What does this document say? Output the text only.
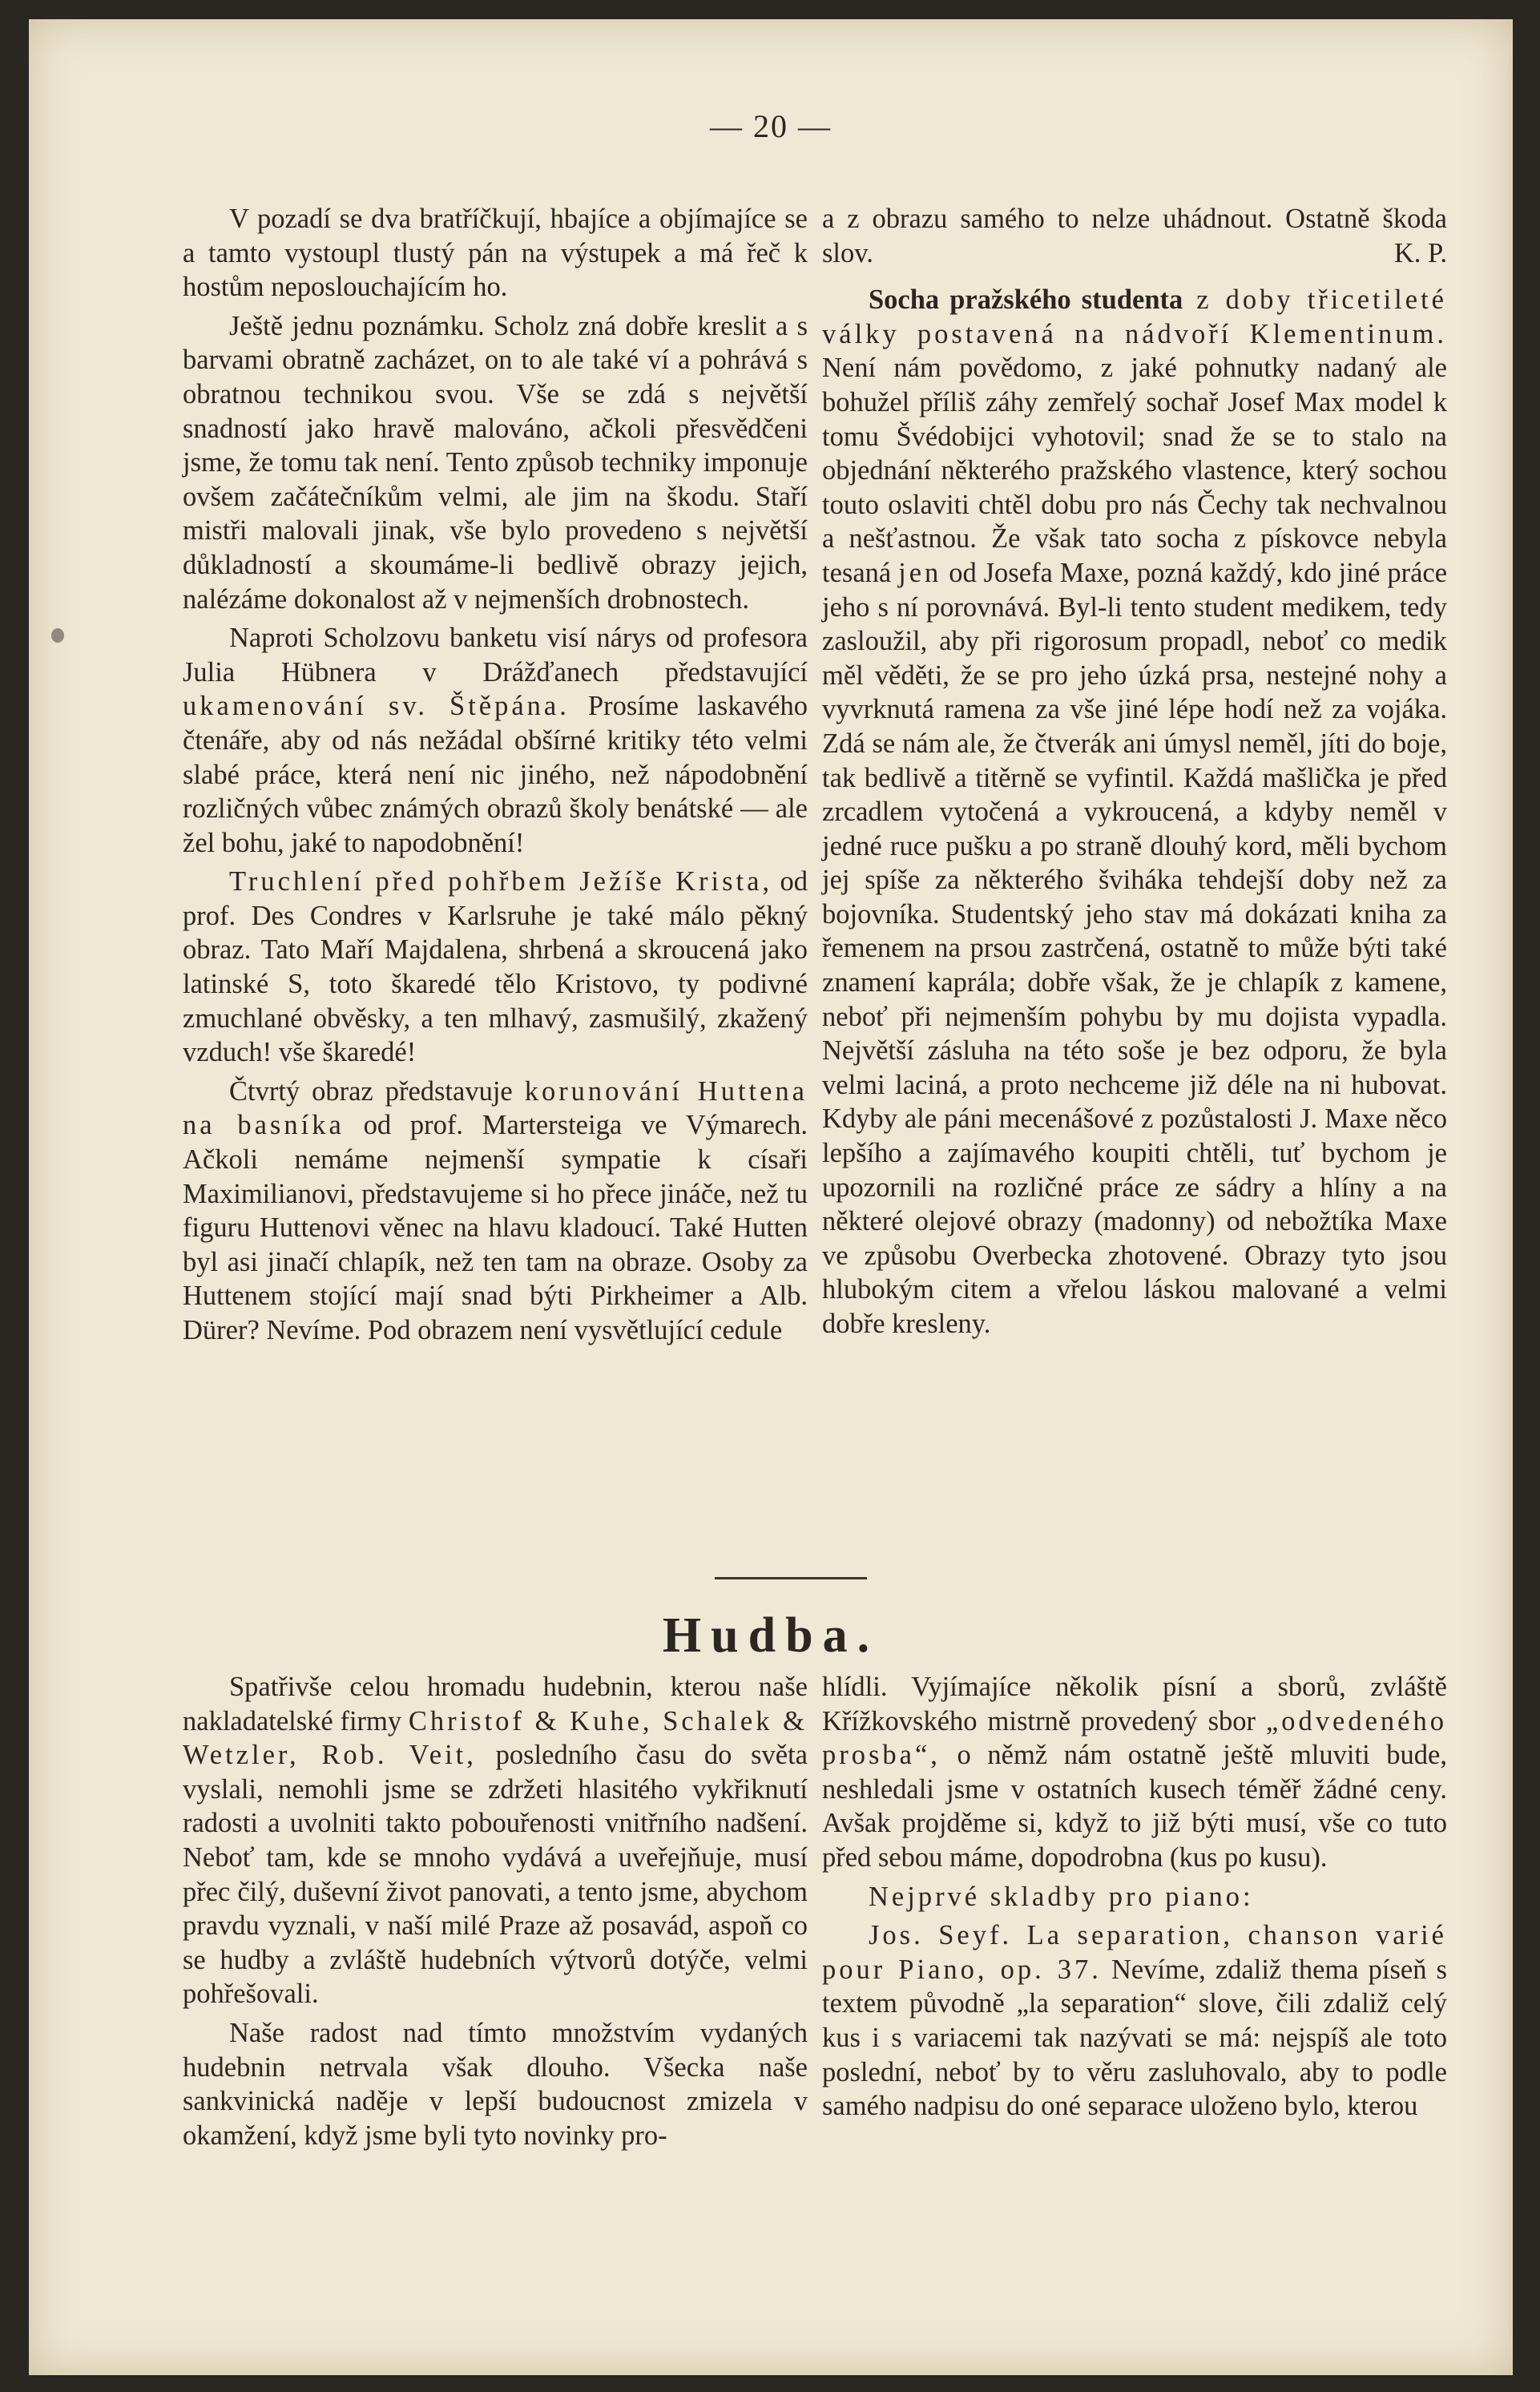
— 20 —

V pozadí se dva bratříčkují, hbajíce a objímajíce se a tamto vystoupl tlustý pán na výstupek a má řeč k hostům neposlouchajícím ho.

Ještě jednu poznámku. Scholz zná dobře kreslit a s barvami obratně zacházet, on to ale také ví a pohrává s obratnou technikou svou. Vše se zdá s největší snadností jako hravě malováno, ačkoli přesvědčeni jsme, že tomu tak není. Tento způsob techniky imponuje ovšem začátečníkům velmi, ale jim na škodu. Staří mistři malovali jinak, vše bylo provedeno s největší důkladností a skoumáme-li bedlivě obrazy jejich, nalézáme dokonalost až v nejmenších drobnostech.

Naproti Scholzovu banketu visí nárys od profesora Julia Hübnera v Drážďanech představující ukamenování sv. Štěpána. Prosíme laskavého čtenáře, aby od nás nežádal obšírné kritiky této velmi slabé práce, která není nic jiného, než nápodobnění rozličných vůbec známých obrazů školy benátské — ale žel bohu, jaké to napodobnění!

Truchlení před pohřbem Ježíše Krista, od prof. Des Condres v Karlsruhe je také málo pěkný obraz. Tato Maří Majdalena, shrbená a skroucená jako latinské S, toto škaredé tělo Kristovo, ty podivné zmuchlané obvěsky, a ten mlhavý, zasmušilý, zkažený vzduch! vše škaredé!

Čtvrtý obraz představuje korunování Huttena na basníka od prof. Martersteiga ve Výmarech. Ačkoli nemáme nejmenší sympatie k císaři Maximilianovi, představujeme si ho přece jináče, než tu figuru Huttenovi věnec na hlavu kladoucí. Také Hutten byl asi jinačí chlapík, než ten tam na obraze. Osoby za Huttenem stojící mají snad býti Pirkheimer a Alb. Dürer? Nevíme. Pod obrazem není vysvětlující cedule

a z obrazu samého to nelze uhádnout. Ostatně škoda slov.	K. P.

Socha pražského studenta z doby třicetileté války postavená na nádvoří Klementinum. Není nám povědomo, z jaké pohnutky nadaný ale bohužel příliš záhy zemřelý sochař Josef Max model k tomu Švédobijci vyhotovil; snad že se to stalo na objednání některého pražského vlastence, který sochou touto oslaviti chtěl dobu pro nás Čechy tak nechvalnou a nešťastnou. Že však tato socha z pískovce nebyla tesaná jen od Josefa Maxe, pozná každý, kdo jiné práce jeho s ní porovnává. Byl-li tento student medikem, tedy zasloužil, aby při rigorosum propadl, neboť co medik měl věděti, že se pro jeho úzká prsa, nestejné nohy a vyvrknutá ramena za vše jiné lépe hodí než za vojáka. Zdá se nám ale, že čtverák ani úmysl neměl, jíti do boje, tak bedlivě a titěrně se vyfintil. Každá mašlička je před zrcadlem vytočená a vykroucená, a kdyby neměl v jedné ruce pušku a po straně dlouhý kord, měli bychom jej spíše za některého šviháka tehdejší doby než za bojovníka. Studentský jeho stav má dokázati kniha za řemenem na prsou zastrčená, ostatně to může býti také znamení kaprála; dobře však, že je chlapík z kamene, neboť při nejmenším pohybu by mu dojista vypadla. Největší zásluha na této soše je bez odporu, že byla velmi laciná, a proto nechceme již déle na ni hubovat. Kdyby ale páni mecenášové z pozůstalosti J. Maxe něco lepšího a zajímavého koupiti chtěli, tuť bychom je upozornili na rozličné práce ze sádry a hlíny a na některé olejové obrazy (madonny) od nebožtíka Maxe ve způsobu Overbecka zhotovené. Obrazy tyto jsou hlubokým citem a vřelou láskou malované a velmi dobře kresleny.

Hudba.

Spatřivše celou hromadu hudebnin, kterou naše nakladatelské firmy Christof & Kuhe, Schalek & Wetzler, Rob. Veit, posledního času do světa vyslali, nemohli jsme se zdržeti hlasitého vykřiknutí radosti a uvolniti takto pobouřenosti vnitřního nadšení. Neboť tam, kde se mnoho vydává a uveřejňuje, musí přec čilý, duševní život panovati, a tento jsme, abychom pravdu vyznali, v naší milé Praze až posavád, aspoň co se hudby a zvláště hudebních výtvorů dotýče, velmi pohřešovali.

Naše radost nad tímto množstvím vydaných hudebnin netrvala však dlouho. Všecka naše sankvinická naděje v lepší budoucnost zmizela v okamžení, když jsme byli tyto novinky pro-

hlídli. Vyjímajíce několik písní a sborů, zvláště Křížkovského mistrně provedený sbor „odvedeného prosba“, o němž nám ostatně ještě mluviti bude, neshledali jsme v ostatních kusech téměř žádné ceny. Avšak projděme si, když to již býti musí, vše co tuto před sebou máme, dopodrobna (kus po kusu).

Nejprvé skladby pro piano:

Jos. Seyf. La separation, chanson varié pour Piano, op. 37. Nevíme, zdaliž thema píseň s textem původně „la separation“ slove, čili zdaliž celý kus i s variacemi tak nazývati se má: nejspíš ale toto poslední, neboť by to věru zasluhovalo, aby to podle samého nadpisu do oné separace uloženo bylo, kterou
